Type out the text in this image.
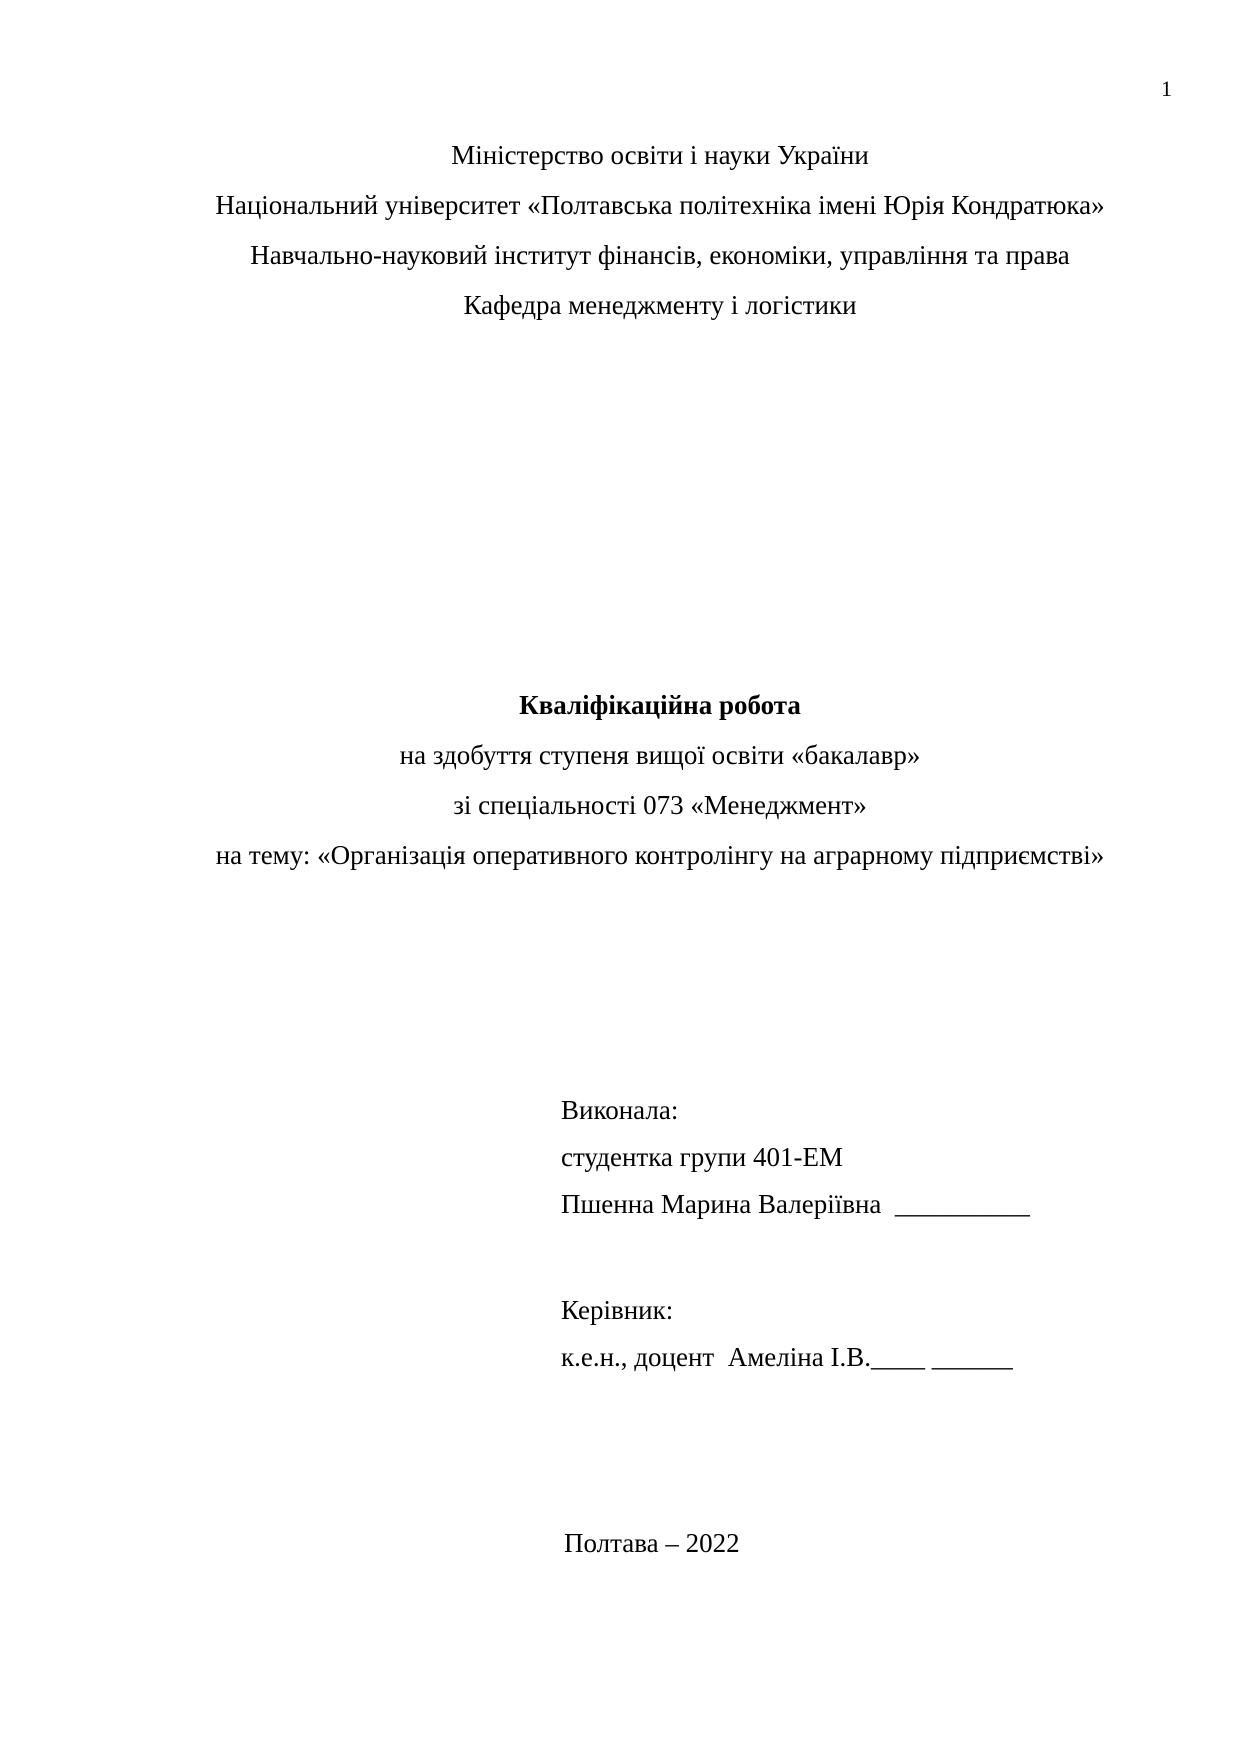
1
Міністерство освіти і науки України
Національний університет «Полтавська політехніка імені Юрія Кондратюка»
Навчально-науковий інститут фінансів, економіки, управління та права
Кафедра менеджменту і логістики
Кваліфікаційна робота
на здобуття ступеня вищої освіти «бакалавр»
зі спеціальності 073 «Менеджмент»
на тему: «Організація оперативного контролінгу на аграрному підприємстві»
Виконала:
студентка групи 401-ЕМ
Пшенна Марина Валеріївна  __________
Керівник:
к.е.н., доцент  Амеліна І.В.____ ______
Полтава – 2022
